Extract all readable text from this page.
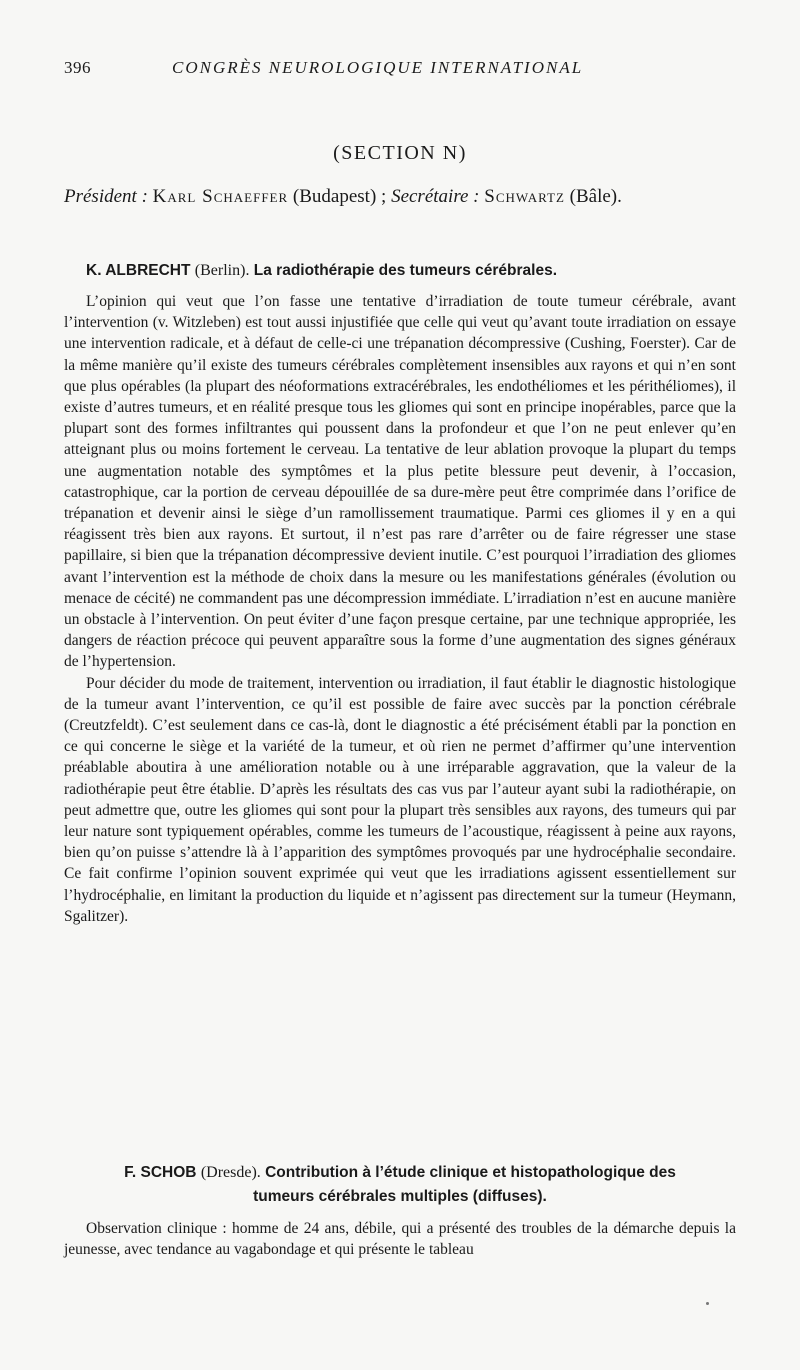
396	CONGRÈS NEUROLOGIQUE INTERNATIONAL
(SECTION N)
Président : Karl Schaeffer (Budapest) ; Secrétaire : Schwartz (Bâle).
K. ALBRECHT (Berlin). La radiothérapie des tumeurs cérébrales.

L’opinion qui veut que l’on fasse une tentative d’irradiation de toute tumeur cérébrale, avant l’intervention (v. Witzleben) est tout aussi injustifiée que celle qui veut qu’avant toute irradiation on essaye une intervention radicale, et à défaut de celle-ci une trépanation décompressive (Cushing, Foerster). Car de la même manière qu’il existe des tumeurs cérébrales complètement insensibles aux rayons et qui n’en sont que plus opérables (la plupart des néoformations extracérébrales, les endothéliomes et les périthéliomes), il existe d’autres tumeurs, et en réalité presque tous les gliomes qui sont en principe inopérables, parce que la plupart sont des formes infiltrantes qui poussent dans la profondeur et que l’on ne peut enlever qu’en atteignant plus ou moins fortement le cerveau. La tentative de leur ablation provoque la plupart du temps une augmentation notable des symptômes et la plus petite blessure peut devenir, à l’occasion, catastrophique, car la portion de cerveau dépouillée de sa dure-mère peut être comprimée dans l’orifice de trépanation et devenir ainsi le siège d’un ramollissement traumatique. Parmi ces gliomes il y en a qui réagissent très bien aux rayons. Et surtout, il n’est pas rare d’arrêter ou de faire régresser une stase papillaire, si bien que la trépanation décompressive devient inutile. C’est pourquoi l’irradiation des gliomes avant l’intervention est la méthode de choix dans la mesure ou les manifestations générales (évolution ou menace de cécité) ne commandent pas une décompression immédiate. L’irradiation n’est en aucune manière un obstacle à l’intervention. On peut éviter d’une façon presque certaine, par une technique appropriée, les dangers de réaction précoce qui peuvent apparaître sous la forme d’une augmentation des signes généraux de l’hypertension.

Pour décider du mode de traitement, intervention ou irradiation, il faut établir le diagnostic histologique de la tumeur avant l’intervention, ce qu’il est possible de faire avec succès par la ponction cérébrale (Creutzfeldt). C’est seulement dans ce cas-là, dont le diagnostic a été précisément établi par la ponction en ce qui concerne le siège et la variété de la tumeur, et où rien ne permet d’affirmer qu’une intervention préablable aboutira à une amélioration notable ou à une irréparable aggravation, que la valeur de la radiothérapie peut être établie. D’après les résultats des cas vus par l’auteur ayant subi la radiothérapie, on peut admettre que, outre les gliomes qui sont pour la plupart très sensibles aux rayons, des tumeurs qui par leur nature sont typiquement opérables, comme les tumeurs de l’acoustique, réagissent à peine aux rayons, bien qu’on puisse s’attendre là à l’apparition des symptômes provoqués par une hydrocéphalie secondaire. Ce fait confirme l’opinion souvent exprimée qui veut que les irradiations agissent essentiellement sur l’hydrocéphalie, en limitant la production du liquide et n’agissent pas directement sur la tumeur (Heymann, Sgalitzer).

F. SCHOB (Dresde). Contribution à l’étude clinique et histopathologique des
tumeurs cérébrales multiples (diffuses).

Observation clinique : homme de 24 ans, débile, qui a présenté des troubles de la démarche depuis la jeunesse, avec tendance au vagabondage et qui présente le tableau
